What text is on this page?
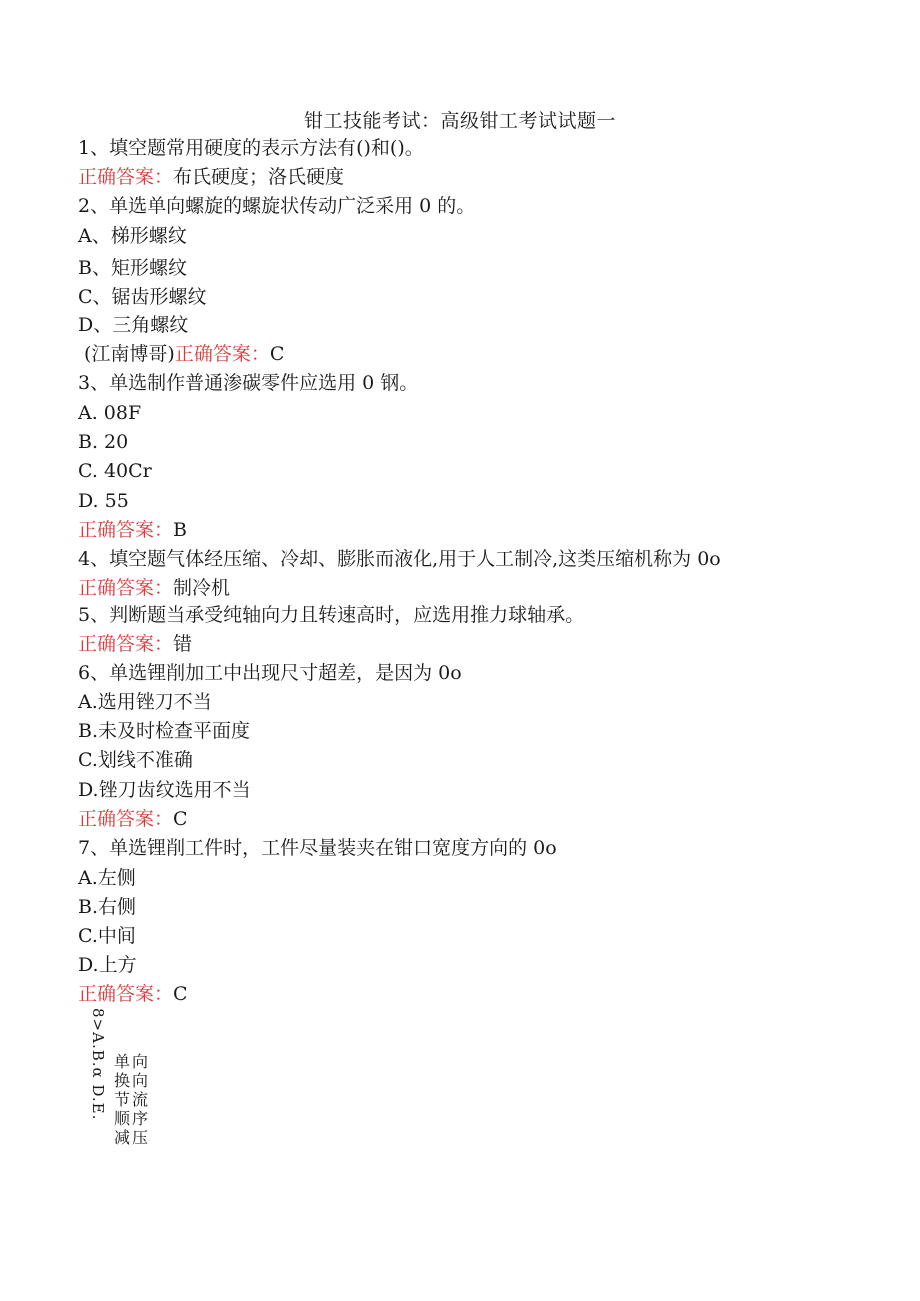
钳工技能考试：高级钳工考试试题一
1、填空题常用硬度的表示方法有()和()。
正确答案：布氏硬度；洛氏硬度
2、单选单向螺旋的螺旋状传动广泛采用 0 的。
A、梯形螺纹
B、矩形螺纹
C、锯齿形螺纹
D、三角螺纹
(江南博哥)正确答案：C
3、单选制作普通渗碳零件应选用 0 钢。
A. 08F
B. 20
C. 40Cr
D. 55
正确答案：B
4、填空题气体经压缩、冷却、膨胀而液化,用于人工制冷,这类压缩机称为 0o
正确答案：制冷机
5、判断题当承受纯轴向力且转速高时，应选用推力球轴承。
正确答案：错
6、单选锂削加工中出现尺寸超差，是因为 0o
A.选用锉刀不当
B.未及时检查平面度
C.划线不准确
D.锉刀齿纹选用不当
正确答案：C
7、单选锂削工件时，工件尽量装夹在钳口宽度方向的 0o
A.左侧
B.右侧
C.中间
D.上方
正确答案：C
8>A.B.α D.E. 单向
换向
节流
顺序
减压
